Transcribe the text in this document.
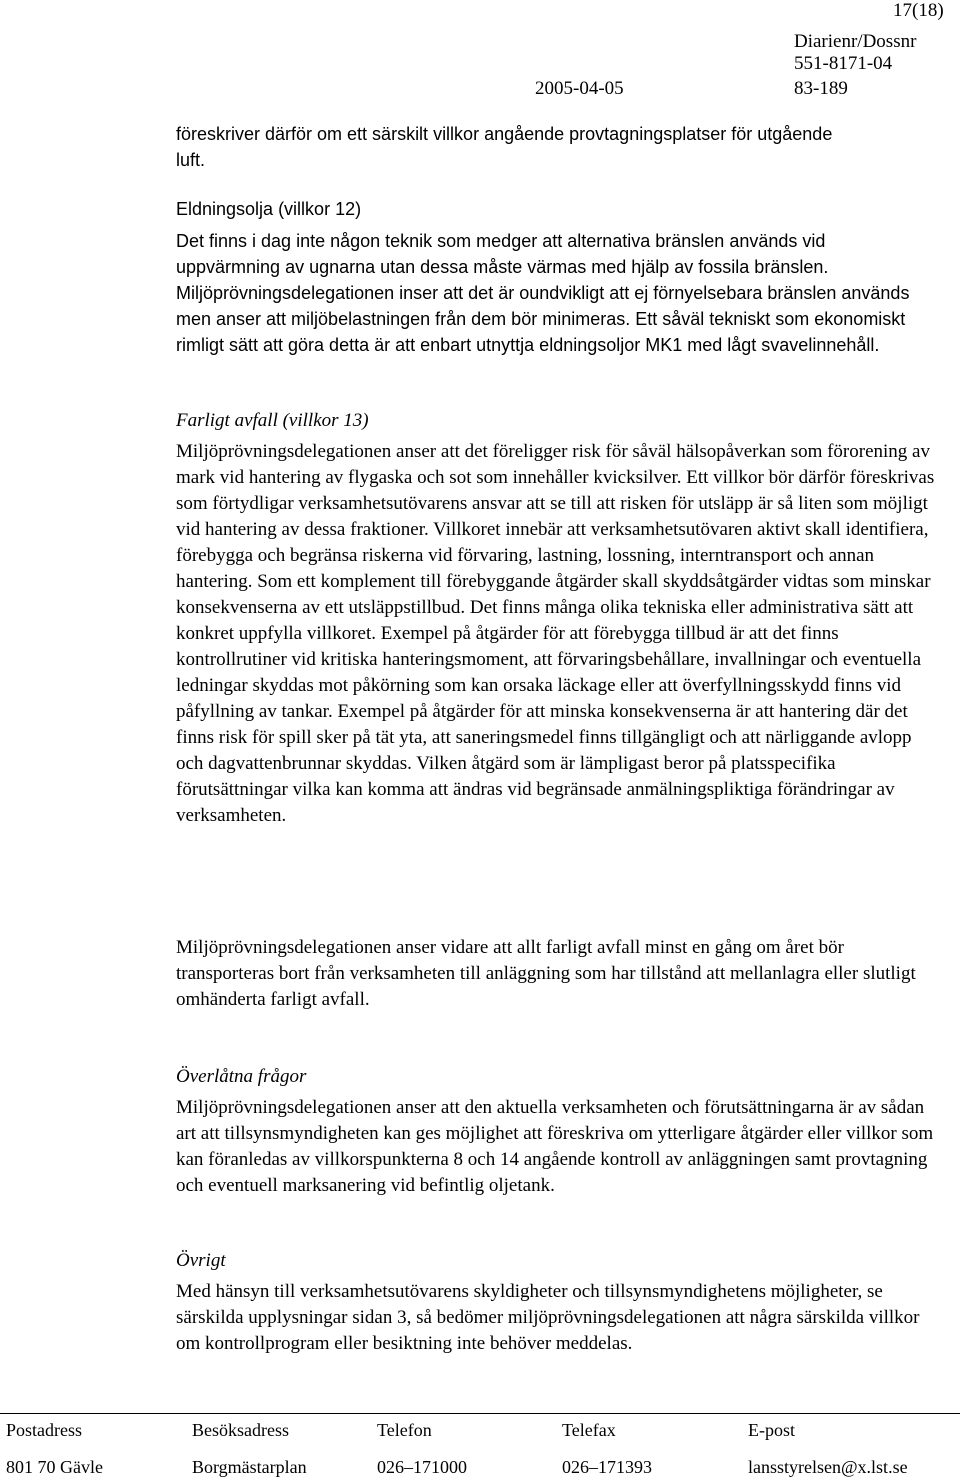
17(18)
Diarienr/Dossnr
551-8171-04
2005-04-05	83-189

föreskriver därför om ett särskilt villkor angående provtagningsplatser för utgående luft.

Eldningsolja (villkor 12)

Det finns i dag inte någon teknik som medger att alternativa bränslen används vid uppvärmning av ugnarna utan dessa måste värmas med hjälp av fossila bränslen. Miljöprövningsdelegationen inser att det är oundvikligt att ej förnyelsebara bränslen används men anser att miljöbelastningen från dem bör minimeras. Ett såväl tekniskt som ekonomiskt rimligt sätt att göra detta är att enbart utnyttja eldningsoljor MK1 med lågt svavelinnehåll.

Farligt avfall (villkor 13)

Miljöprövningsdelegationen anser att det föreligger risk för såväl hälsopåverkan som förorening av mark vid hantering av flygaska och sot som innehåller kvicksilver. Ett villkor bör därför föreskrivas som förtydligar verksamhetsutövarens ansvar att se till att risken för utsläpp är så liten som möjligt vid hantering av dessa fraktioner. Villkoret innebär att verksamhetsutövaren aktivt skall identifiera, förebygga och begränsa riskerna vid förvaring, lastning, lossning, interntransport och annan hantering. Som ett komplement till förebyggande åtgärder skall skyddsåtgärder vidtas som minskar konsekvenserna av ett utsläppstillbud. Det finns många olika tekniska eller administrativa sätt att konkret uppfylla villkoret. Exempel på åtgärder för att förebygga tillbud är att det finns kontrollrutiner vid kritiska hanteringsmoment, att förvaringsbehållare, invallningar och eventuella ledningar skyddas mot påkörning som kan orsaka läckage eller att överfyllningsskydd finns vid påfyllning av tankar. Exempel på åtgärder för att minska konsekvenserna är att hantering där det finns risk för spill sker på tät yta, att saneringsmedel finns tillgängligt och att närliggande avlopp och dagvattenbrunnar skyddas. Vilken åtgärd som är lämpligast beror på platsspecifika förutsättningar vilka kan komma att ändras vid begränsade anmälningspliktiga förändringar av verksamheten.

Miljöprövningsdelegationen anser vidare att allt farligt avfall minst en gång om året bör transporteras bort från verksamheten till anläggning som har tillstånd att mellanlagra eller slutligt omhänderta farligt avfall.

Överlåtna frågor

Miljöprövningsdelegationen anser att den aktuella verksamheten och förutsättningarna är av sådan art att tillsynsmyndigheten kan ges möjlighet att föreskriva om ytterligare åtgärder eller villkor som kan föranledas av villkorspunkterna 8 och 14 angående kontroll av anläggningen samt provtagning och eventuell marksanering vid befintlig oljetank.

Övrigt

Med hänsyn till verksamhetsutövarens skyldigheter och tillsynsmyndighetens möjligheter, se särskilda upplysningar sidan 3, så bedömer miljöprövningsdelegationen att några särskilda villkor om kontrollprogram eller besiktning inte behöver meddelas.

Postadress	Besöksadress	Telefon	Telefax	E-post
801 70 Gävle	Borgmästarplan	026–171000	026–171393	lansstyrelsen@x.lst.se
